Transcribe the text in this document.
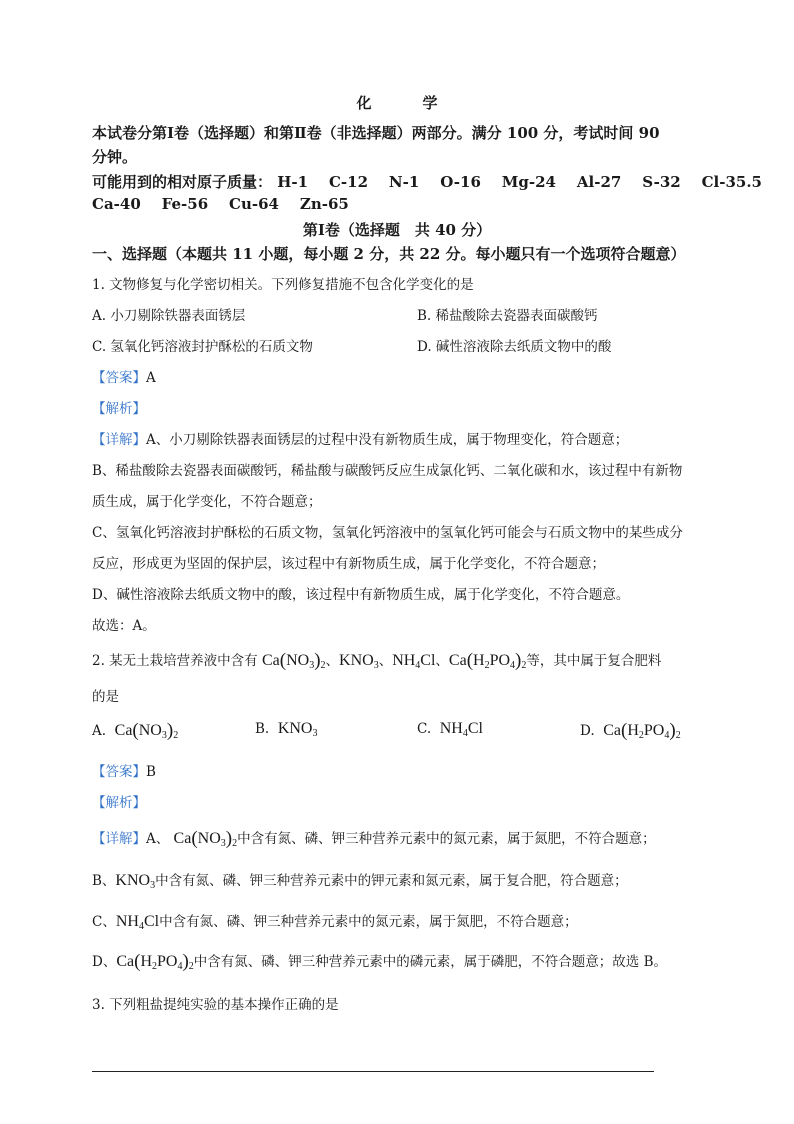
化　学
本试卷分第Ⅰ卷（选择题）和第Ⅱ卷（非选择题）两部分。满分 100 分，考试时间 90
分钟。
可能用到的相对原子质量： H-1 C-12 N-1 O-16 Mg-24 Al-27 S-32 Cl-35.5
Ca-40 Fe-56 Cu-64 Zn-65
第Ⅰ卷（选择题　共 40 分）
一、选择题（本题共 11 小题，每小题 2 分，共 22 分。每小题只有一个选项符合题意）
1. 文物修复与化学密切相关。下列修复措施不包含化学变化的是
A. 小刀剔除铁器表面锈层	B. 稀盐酸除去瓷器表面碳酸钙
C. 氢氧化钙溶液封护酥松的石质文物	D. 碱性溶液除去纸质文物中的酸
【答案】A
【解析】
【详解】A、小刀剔除铁器表面锈层的过程中没有新物质生成，属于物理变化，符合题意；
B、稀盐酸除去瓷器表面碳酸钙，稀盐酸与碳酸钙反应生成氯化钙、二氧化碳和水，该过程中有新物
质生成，属于化学变化，不符合题意；
C、氢氧化钙溶液封护酥松的石质文物，氢氧化钙溶液中的氢氧化钙可能会与石质文物中的某些成分
反应，形成更为坚固的保护层，该过程中有新物质生成，属于化学变化，不符合题意；
D、碱性溶液除去纸质文物中的酸，该过程中有新物质生成，属于化学变化，不符合题意。
故选：A。
2. 某无土栽培营养液中含有 $Ca(NO_3)_2$、$KNO_3$、$NH_4Cl$、$Ca(H_2PO_4)_2$等，其中属于复合肥料
的是
A. $Ca(NO_3)_2$	B. $KNO_3$	C. $NH_4Cl$	D. $Ca(H_2PO_4)_2$
【答案】B
【解析】
【详解】A、 $Ca(NO_3)_2$中含有氮、磷、钾三种营养元素中的氮元素，属于氮肥，不符合题意；
B、$KNO_3$中含有氮、磷、钾三种营养元素中的钾元素和氮元素，属于复合肥，符合题意；
C、$NH_4Cl$中含有氮、磷、钾三种营养元素中的氮元素，属于氮肥，不符合题意；
D、$Ca(H_2PO_4)_2$中含有氮、磷、钾三种营养元素中的磷元素，属于磷肥，不符合题意；故选 B。
3. 下列粗盐提纯实验的基本操作正确的是
